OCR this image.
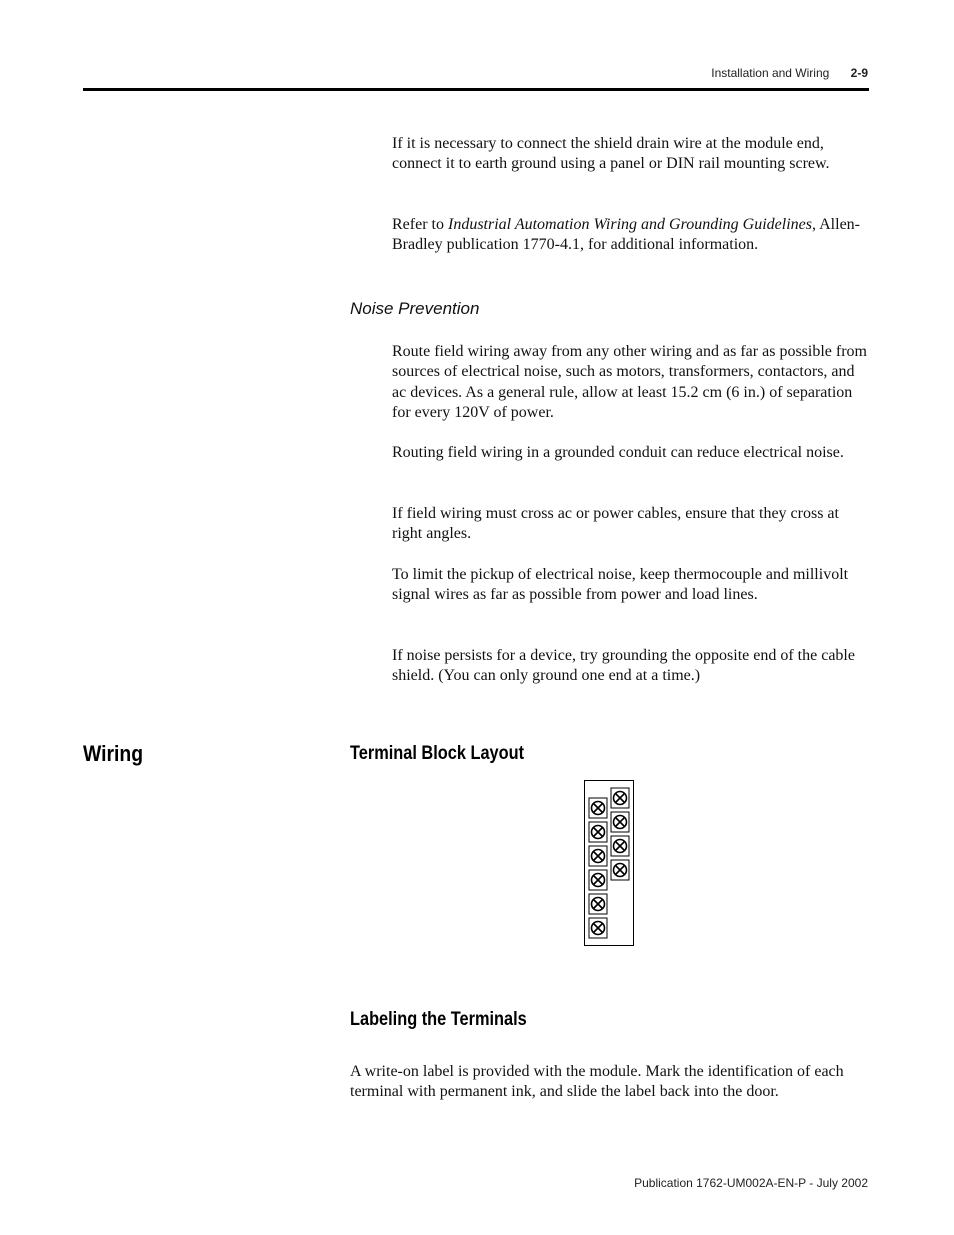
Installation and Wiring 2-9

If it is necessary to connect the shield drain wire at the module end, connect it to earth ground using a panel or DIN rail mounting screw.

Refer to Industrial Automation Wiring and Grounding Guidelines, Allen-Bradley publication 1770-4.1, for additional information.

Noise Prevention

Route field wiring away from any other wiring and as far as possible from sources of electrical noise, such as motors, transformers, contactors, and ac devices. As a general rule, allow at least 15.2 cm (6 in.) of separation for every 120V of power.

Routing field wiring in a grounded conduit can reduce electrical noise.

If field wiring must cross ac or power cables, ensure that they cross at right angles.

To limit the pickup of electrical noise, keep thermocouple and millivolt signal wires as far as possible from power and load lines.

If noise persists for a device, try grounding the opposite end of the cable shield. (You can only ground one end at a time.)

Wiring	Terminal Block Layout
Labeling the Terminals

A write-on label is provided with the module. Mark the identification of each terminal with permanent ink, and slide the label back into the door.

Publication 1762-UM002A-EN-P - July 2002
